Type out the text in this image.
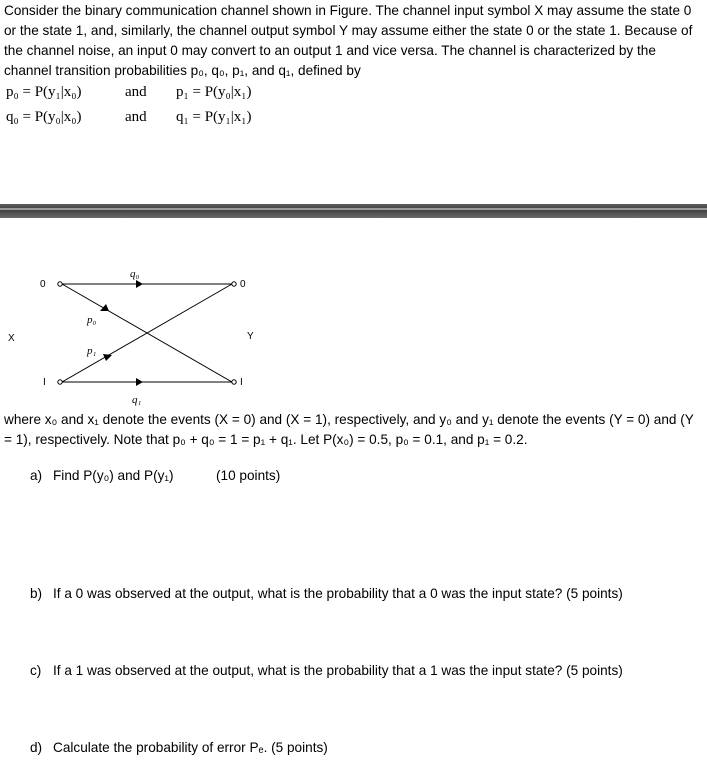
Consider the binary communication channel shown in Figure. The channel input symbol X may assume the state 0 or the state 1, and, similarly, the channel output symbol Y may assume either the state 0 or the state 1. Because of the channel noise, an input 0 may convert to an output 1 and vice versa. The channel is characterized by the channel transition probabilities p₀, q₀, p₁, and q₁, defined by

p₀ = P(y₁|x₀)	and p₁ = P(y₀|x₁)
q₀ = P(y₀|x₀)	and q₁ = P(y₁|x₁)
0
I
0
I
X	Y
q₀
p₀
p₁
q₁

where x₀ and x₁ denote the events (X = 0) and (X = 1), respectively, and y₀ and y₁ denote the events (Y = 0) and (Y = 1), respectively. Note that p₀ + q₀ = 1 = p₁ + q₁. Let P(x₀) = 0.5, p₀ = 0.1, and p₁ = 0.2.

a) Find P(y₀) and P(y₁)	(10 points)
b) If a 0 was observed at the output, what is the probability that a 0 was the input state? (5 points)
c) If a 1 was observed at the output, what is the probability that a 1 was the input state? (5 points)
d) Calculate the probability of error Pₑ. (5 points)
